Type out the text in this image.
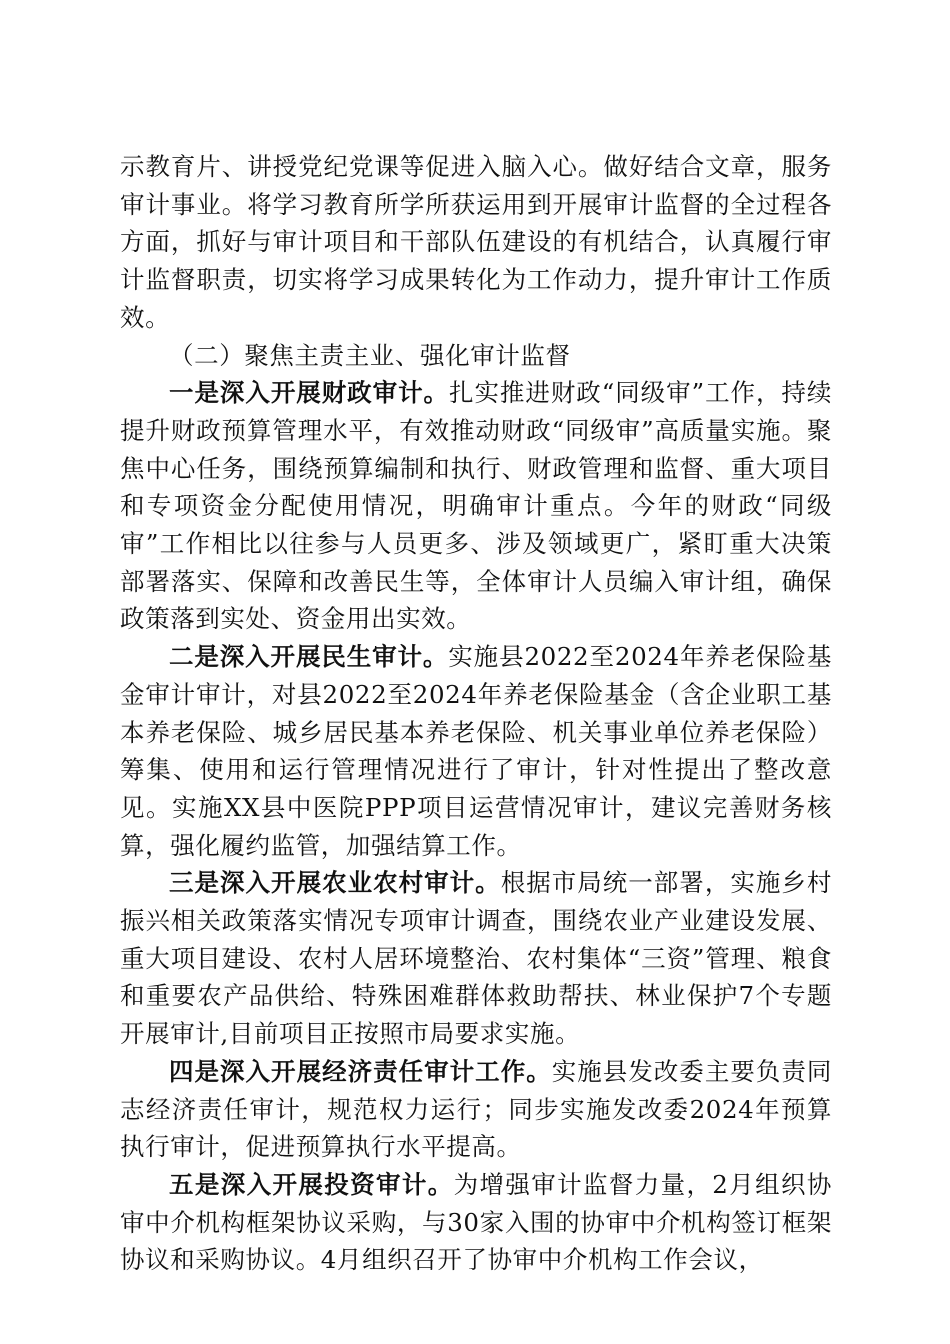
示教育片、讲授党纪党课等促进入脑入心。做好结合文章，服务审计事业。将学习教育所学所获运用到开展审计监督的全过程各方面，抓好与审计项目和干部队伍建设的有机结合，认真履行审计监督职责，切实将学习成果转化为工作动力，提升审计工作质效。

（二）聚焦主责主业、强化审计监督

一是深入开展财政审计。扎实推进财政“同级审”工作，持续提升财政预算管理水平，有效推动财政“同级审”高质量实施。聚焦中心任务，围绕预算编制和执行、财政管理和监督、重大项目和专项资金分配使用情况，明确审计重点。今年的财政“同级审”工作相比以往参与人员更多、涉及领域更广，紧盯重大决策部署落实、保障和改善民生等，全体审计人员编入审计组，确保政策落到实处、资金用出实效。

二是深入开展民生审计。实施县2022至2024年养老保险基金审计审计，对县2022至2024年养老保险基金（含企业职工基本养老保险、城乡居民基本养老保险、机关事业单位养老保险）筹集、使用和运行管理情况进行了审计，针对性提出了整改意见。实施XX县中医院PPP项目运营情况审计，建议完善财务核算，强化履约监管，加强结算工作。

三是深入开展农业农村审计。根据市局统一部署，实施乡村振兴相关政策落实情况专项审计调查，围绕农业产业建设发展、重大项目建设、农村人居环境整治、农村集体“三资”管理、粮食和重要农产品供给、特殊困难群体救助帮扶、林业保护7个专题开展审计,目前项目正按照市局要求实施。

四是深入开展经济责任审计工作。实施县发改委主要负责同志经济责任审计，规范权力运行；同步实施发改委2024年预算执行审计，促进预算执行水平提高。

五是深入开展投资审计。为增强审计监督力量，2月组织协审中介机构框架协议采购，与30家入围的协审中介机构签订框架协议和采购协议。4月组织召开了协审中介机构工作会议，
